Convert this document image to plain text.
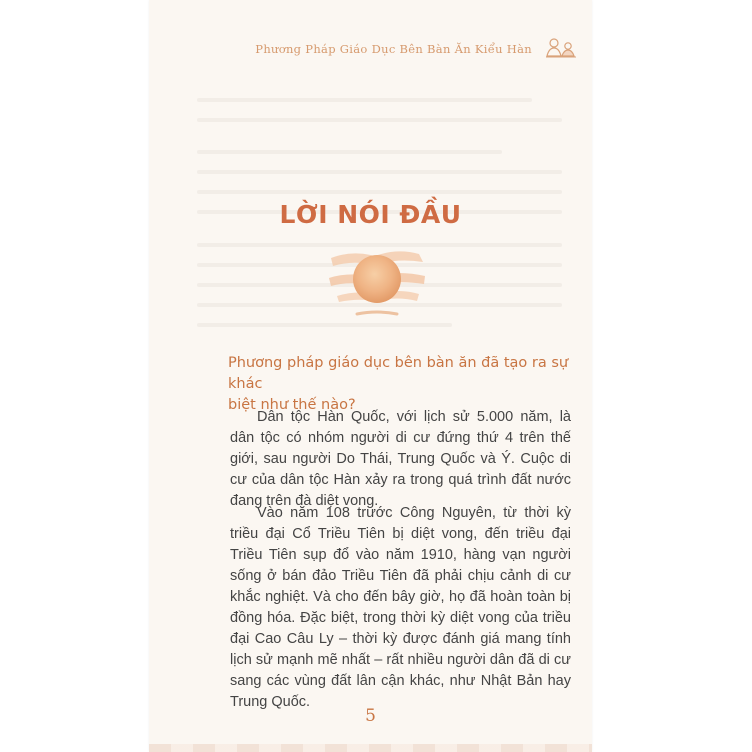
Phương Pháp Giáo Dục Bên Bàn Ăn Kiểu Hàn
LỜI NÓI ĐẦU
Phương pháp giáo dục bên bàn ăn đã tạo ra sự khác
biệt như thế nào?

Dân tộc Hàn Quốc, với lịch sử 5.000 năm, là dân tộc có nhóm người di cư đứng thứ 4 trên thế giới, sau người Do Thái, Trung Quốc và Ý. Cuộc di cư của dân tộc Hàn xảy ra trong quá trình đất nước đang trên đà diệt vong.

Vào năm 108 trước Công Nguyên, từ thời kỳ triều đại Cổ Triều Tiên bị diệt vong, đến triều đại Triều Tiên sụp đổ vào năm 1910, hàng vạn người sống ở bán đảo Triều Tiên đã phải chịu cảnh di cư khắc nghiệt. Và cho đến bây giờ, họ đã hoàn toàn bị đồng hóa. Đặc biệt, trong thời kỳ diệt vong của triều đại Cao Câu Ly – thời kỳ được đánh giá mang tính lịch sử mạnh mẽ nhất – rất nhiều người dân đã di cư sang các vùng đất lân cận khác, như Nhật Bản hay Trung Quốc.

5
